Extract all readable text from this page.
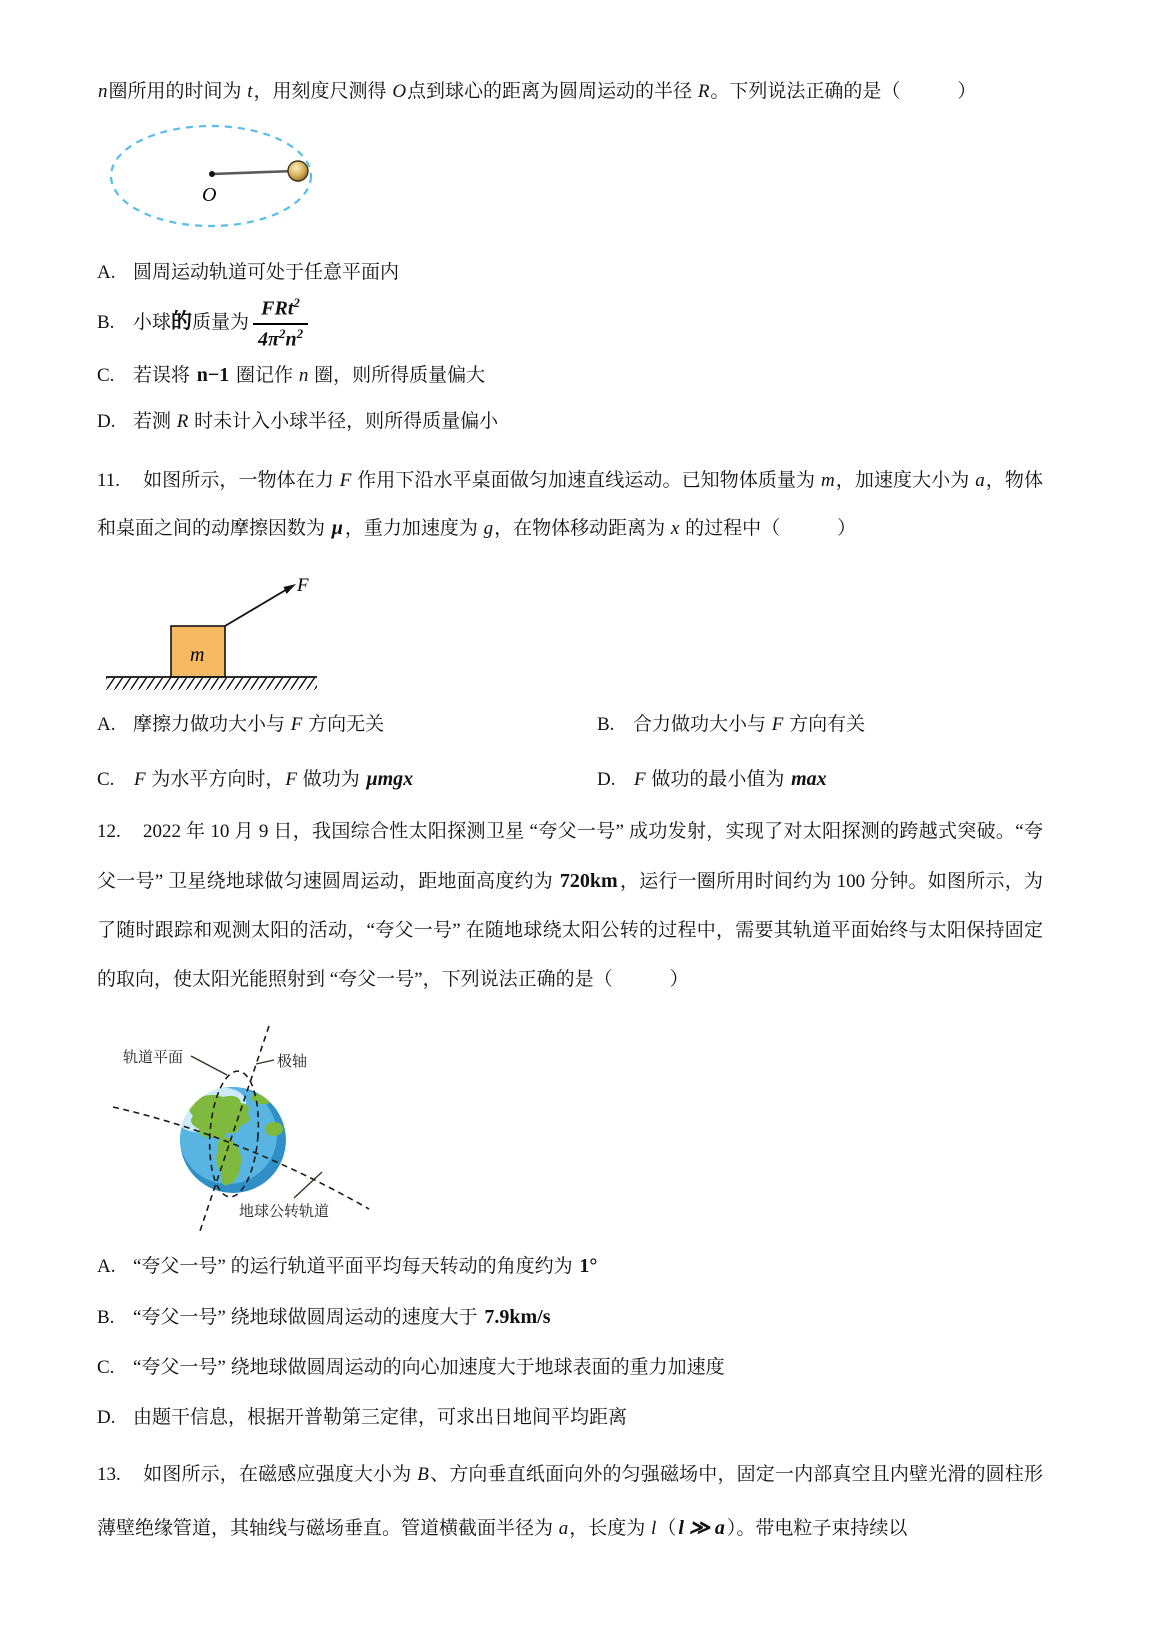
n圈所用的时间为 t，用刻度尺测得 O点到球心的距离为圆周运动的半径 R。下列说法正确的是（　　　）
O
A. 圆周运动轨道可处于任意平面内
B. 小球的质量为 $\frac{FRt^2}{4\pi^2n^2}$
C. 若误将 n−1 圈记作 n 圈，则所得质量偏大
D. 若测 R 时未计入小球半径，则所得质量偏小
11. 如图所示，一物体在力 F 作用下沿水平桌面做匀加速直线运动。已知物体质量为 m，加速度大小为 a，物体和桌面之间的动摩擦因数为 μ ，重力加速度为 g，在物体移动距离为 x 的过程中（　　　）
F
m
A. 摩擦力做功大小与 F 方向无关	B. 合力做功大小与 F 方向有关
C. F 为水平方向时，F 做功为 μmgx	D. F 做功的最小值为 max
12. 2022 年 10 月 9 日，我国综合性太阳探测卫星 “夸父一号” 成功发射，实现了对太阳探测的跨越式突破。“夸父一号” 卫星绕地球做匀速圆周运动，距地面高度约为 720km ，运行一圈所用时间约为 100 分钟。如图所示，为了随时跟踪和观测太阳的活动，“夸父一号” 在随地球绕太阳公转的过程中，需要其轨道平面始终与太阳保持固定的取向，使太阳光能照射到 “夸父一号”，下列说法正确的是（　　　）
轨道平面	极轴
地球公转轨道
A. “夸父一号” 的运行轨道平面平均每天转动的角度约为 1°
B. “夸父一号” 绕地球做圆周运动的速度大于 7.9km/s
C. “夸父一号” 绕地球做圆周运动的向心加速度大于地球表面的重力加速度
D. 由题干信息，根据开普勒第三定律，可求出日地间平均距离
13. 如图所示，在磁感应强度大小为 B、方向垂直纸面向外的匀强磁场中，固定一内部真空且内壁光滑的圆柱形薄壁绝缘管道，其轴线与磁场垂直。管道横截面半径为 a，长度为 l（ l ≫ a ）。带电粒子束持续以
